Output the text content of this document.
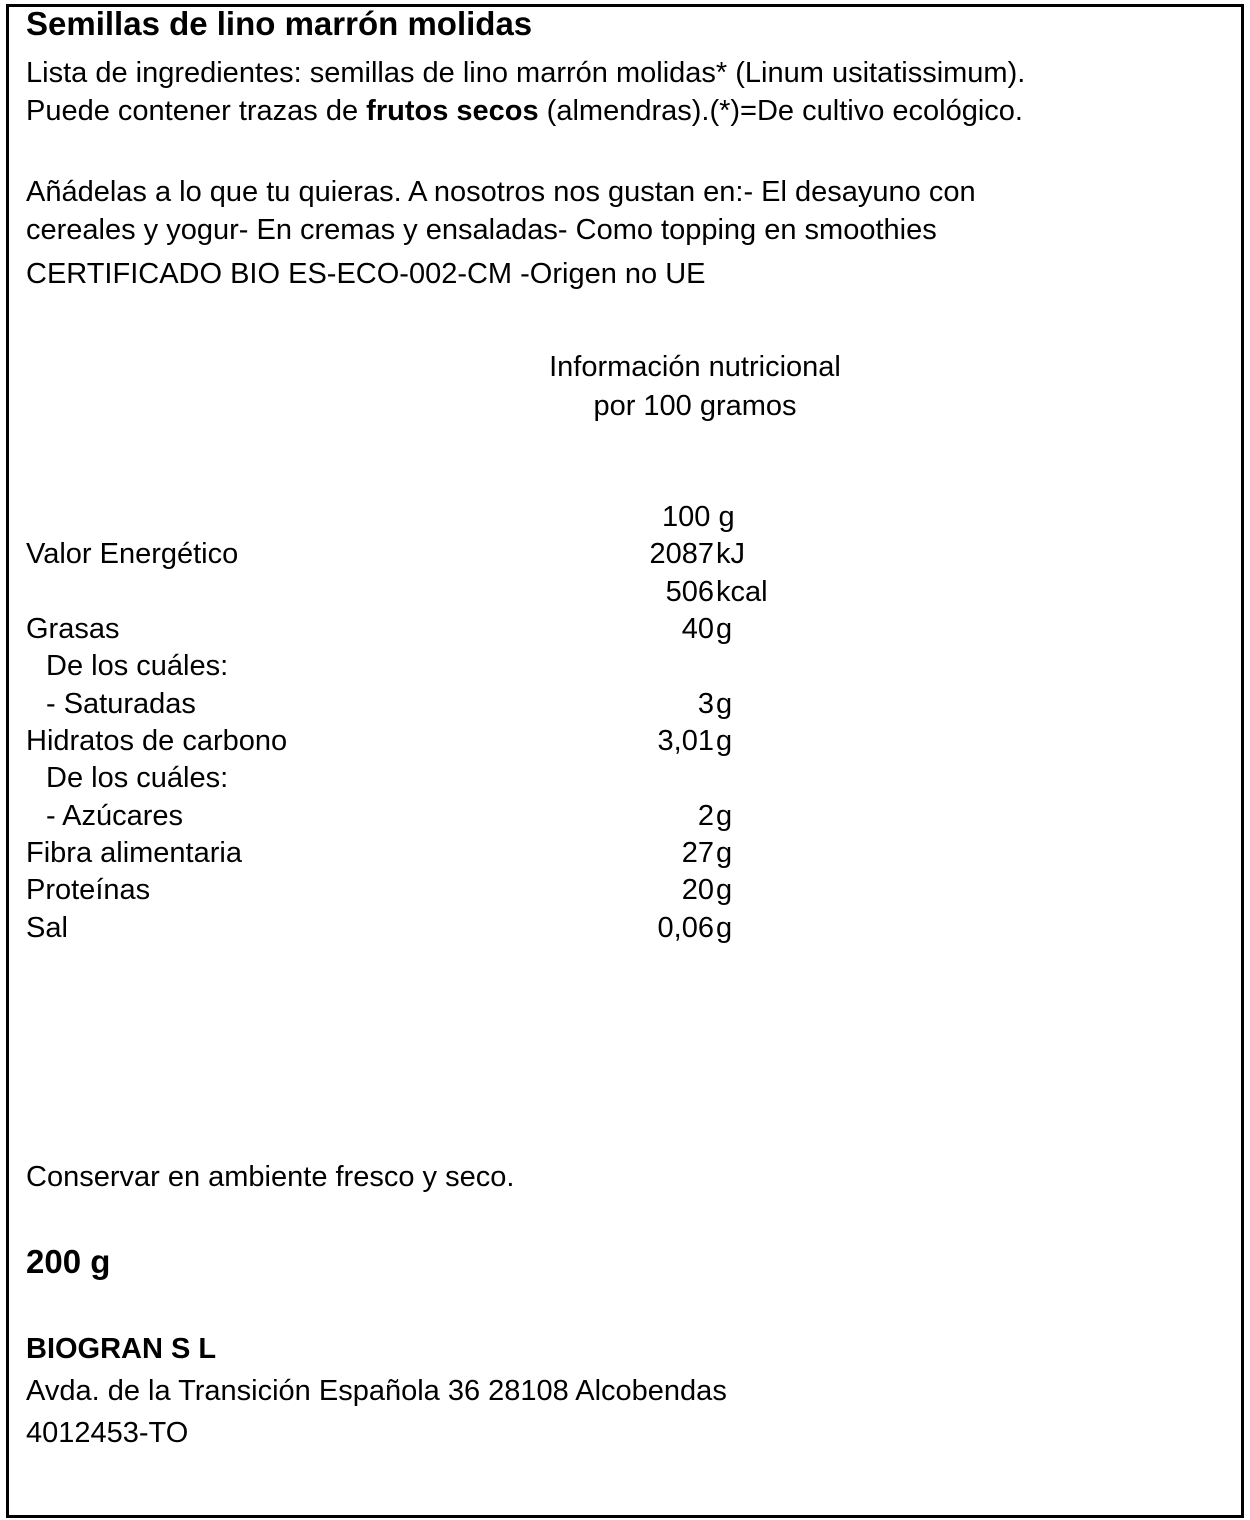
Semillas de lino marrón molidas
Lista de ingredientes: semillas de lino marrón molidas* (Linum usitatissimum).
Puede contener trazas de frutos secos (almendras).(*)=De cultivo ecológico.
Añádelas a lo que tu quieras. A nosotros nos gustan en:- El desayuno con
cereales y yogur- En cremas y ensaladas- Como topping en smoothies
CERTIFICADO BIO ES-ECO-002-CM -Origen no UE
Información nutricional
por 100 gramos
100 g
Valor Energético	2087 kJ
506 kcal
Grasas	40 g
De los cuáles:
- Saturadas	3 g
Hidratos de carbono	3,01 g
De los cuáles:
- Azúcares	2 g
Fibra alimentaria	27 g
Proteínas	20 g
Sal	0,06 g
Conservar en ambiente fresco y seco.
200 g
BIOGRAN S L
Avda. de la Transición Española 36 28108 Alcobendas
4012453-TO
